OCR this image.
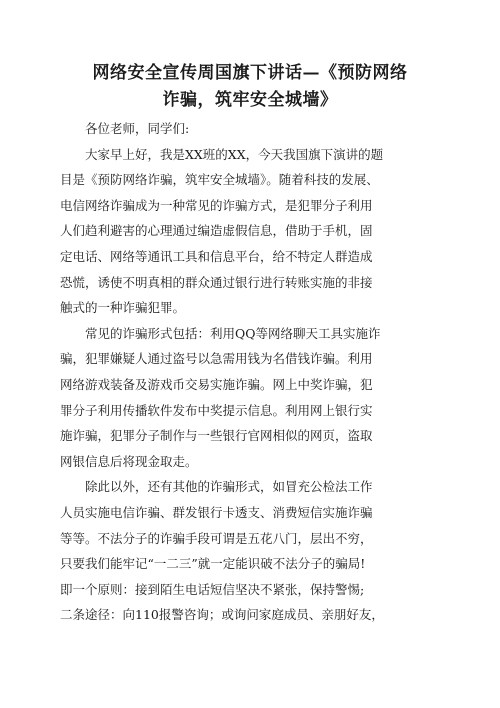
网络安全宣传周国旗下讲话—《预防网络
诈骗，筑牢安全城墙》
各位老师，同学们:
大家早上好，我是XX班的XX，今天我国旗下演讲的题
目是《预防网络诈骗，筑牢安全城墙》。随着科技的发展、
电信网络诈骗成为一种常见的诈骗方式，是犯罪分子利用
人们趋利避害的心理通过编造虚假信息，借助于手机，固
定电话、网络等通讯工具和信息平台，给不特定人群造成
恐慌，诱使不明真相的群众通过银行进行转账实施的非接
触式的一种诈骗犯罪。
常见的诈骗形式包括：利用QQ等网络聊天工具实施诈
骗，犯罪嫌疑人通过盗号以急需用钱为名借钱诈骗。利用
网络游戏装备及游戏币交易实施诈骗。网上中奖诈骗，犯
罪分子利用传播软件发布中奖提示信息。利用网上银行实
施诈骗，犯罪分子制作与一些银行官网相似的网页，盗取
网银信息后将现金取走。
除此以外，还有其他的诈骗形式，如冒充公检法工作
人员实施电信诈骗、群发银行卡透支、消费短信实施诈骗
等等。不法分子的诈骗手段可谓是五花八门，层出不穷，
只要我们能牢记“一二三”就一定能识破不法分子的骗局!
即一个原则：接到陌生电话短信坚决不紧张，保持警惕;
二条途径：向110报警咨询；或询问家庭成员、亲朋好友，
